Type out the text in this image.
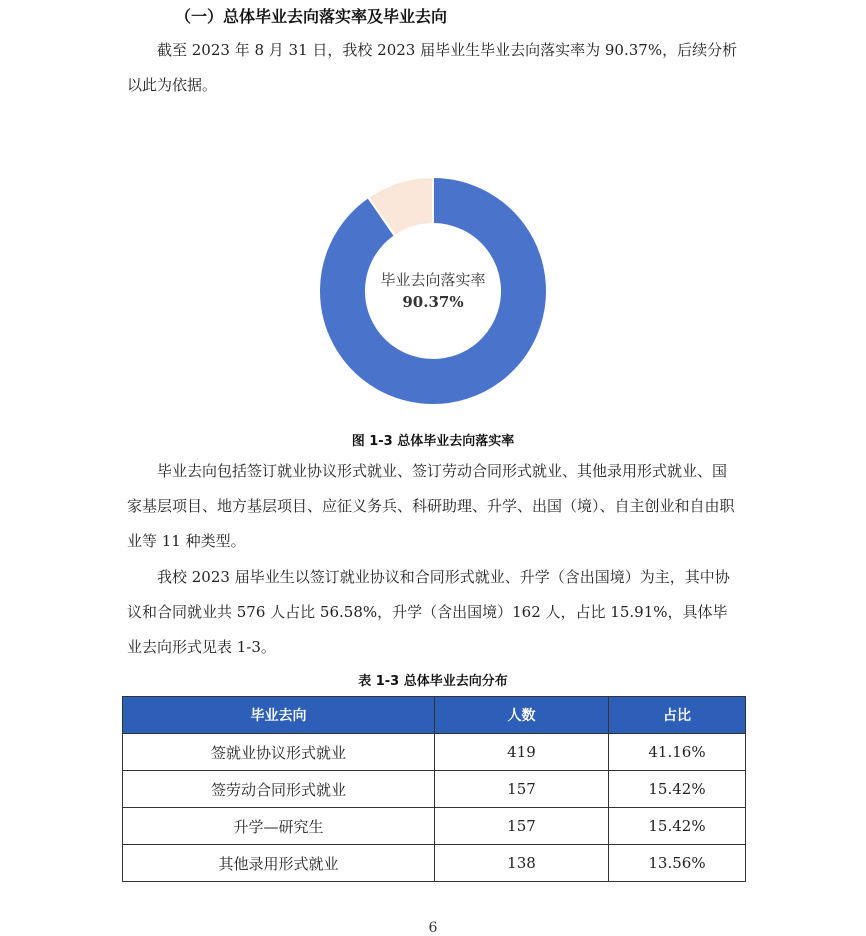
（一）总体毕业去向落实率及毕业去向

截至 2023 年 8 月 31 日，我校 2023 届毕业生毕业去向落实率为 90.37%，后续分析以此为依据。

毕业去向落实率
90.37%
图 1-3 总体毕业去向落实率

毕业去向包括签订就业协议形式就业、签订劳动合同形式就业、其他录用形式就业、国家基层项目、地方基层项目、应征义务兵、科研助理、升学、出国（境）、自主创业和自由职业等 11 种类型。

我校 2023 届毕业生以签订就业协议和合同形式就业、升学（含出国境）为主，其中协议和合同就业共 576 人占比 56.58%，升学（含出国境）162 人，占比 15.91%，具体毕业去向形式见表 1-3。

表 1-3 总体毕业去向分布
毕业去向	人数	占比
签就业协议形式就业	419	41.16%
签劳动合同形式就业	157	15.42%
升学—研究生	157	15.42%
其他录用形式就业	138	13.56%
6
